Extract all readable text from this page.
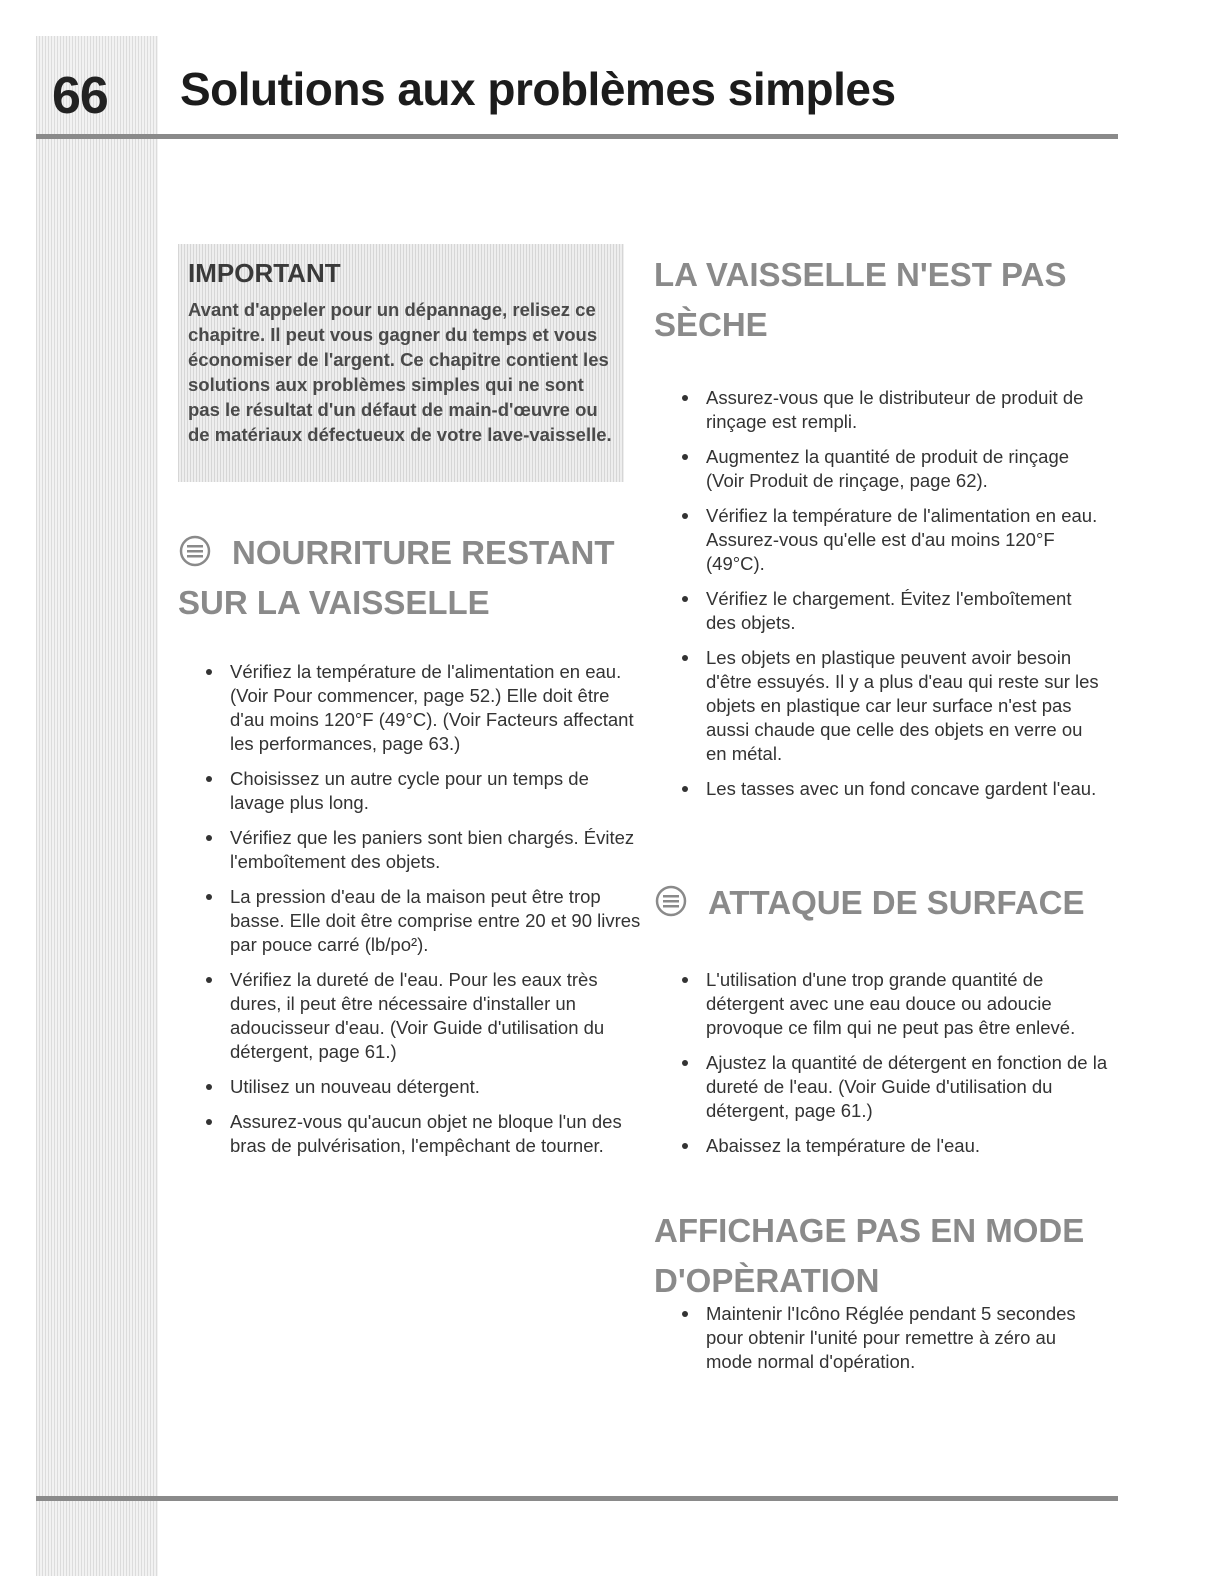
66	Solutions aux problèmes simples
IMPORTANT
Avant d'appeler pour un dépannage, relisez ce chapitre. Il peut vous gagner du temps et vous économiser de l'argent. Ce chapitre contient les solutions aux problèmes simples qui ne sont pas le résultat d'un défaut de main-d'œuvre ou de matériaux défectueux de votre lave-vaisselle.
NOURRITURE RESTANT
SUR LA VAISSELLE
Vérifiez la température de l'alimentation en eau. (Voir Pour commencer, page 52.) Elle doit être d'au moins 120°F (49°C). (Voir Facteurs affectant les performances, page 63.)
Choisissez un autre cycle pour un temps de lavage plus long.
Vérifiez que les paniers sont bien chargés. Évitez l'emboîtement des objets.
La pression d'eau de la maison peut être trop basse. Elle doit être comprise entre 20 et 90 livres par pouce carré (lb/po²).
Vérifiez la dureté de l'eau. Pour les eaux très dures, il peut être nécessaire d'installer un adoucisseur d'eau. (Voir Guide d'utilisation du détergent, page 61.)
Utilisez un nouveau détergent.
Assurez-vous qu'aucun objet ne bloque l'un des bras de pulvérisation, l'empêchant de tourner.
LA VAISSELLE N'EST PAS
SÈCHE
Assurez-vous que le distributeur de produit de rinçage est rempli.
Augmentez la quantité de produit de rinçage (Voir Produit de rinçage, page 62).
Vérifiez la température de l'alimentation en eau. Assurez-vous qu'elle est d'au moins 120°F (49°C).
Vérifiez le chargement. Évitez l'emboîtement des objets.
Les objets en plastique peuvent avoir besoin d'être essuyés. Il y a plus d'eau qui reste sur les objets en plastique car leur surface n'est pas aussi chaude que celle des objets en verre ou en métal.
Les tasses avec un fond concave gardent l'eau.
ATTAQUE DE SURFACE
L'utilisation d'une trop grande quantité de détergent avec une eau douce ou adoucie provoque ce film qui ne peut pas être enlevé.
Ajustez la quantité de détergent en fonction de la dureté de l'eau. (Voir Guide d'utilisation du détergent, page 61.)
Abaissez la température de l'eau.
AFFICHAGE PAS EN MODE
D'OPÈRATION
Maintenir l'Icôno Réglée pendant 5 secondes pour obtenir l'unité pour remettre à zéro au mode normal d'opération.
